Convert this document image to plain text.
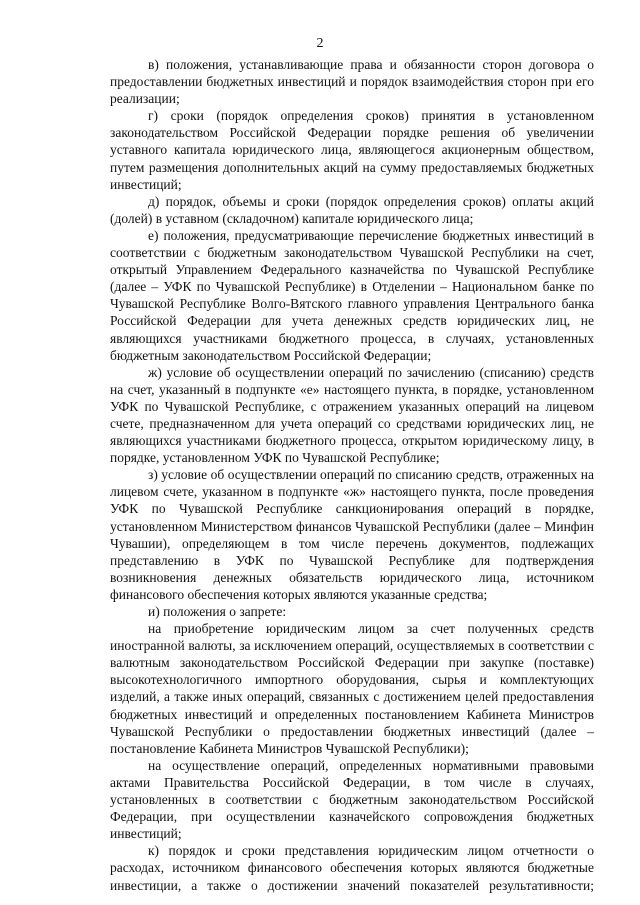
2

в) положения, устанавливающие права и обязанности сторон договора о предоставлении бюджетных инвестиций и порядок взаимодействия сторон при его реализации;

г) сроки (порядок определения сроков) принятия в установленном законодательством Российской Федерации порядке решения об увеличении уставного капитала юридического лица, являющегося акционерным обществом, путем размещения дополнительных акций на сумму предоставляемых бюджетных инвестиций;

д) порядок, объемы и сроки (порядок определения сроков) оплаты акций (долей) в уставном (складочном) капитале юридического лица;

е) положения, предусматривающие перечисление бюджетных инвестиций в соответствии с бюджетным законодательством Чувашской Республики на счет, открытый Управлением Федерального казначейства по Чувашской Республике (далее – УФК по Чувашской Республике) в Отделении – Национальном банке по Чувашской Республике Волго-Вятского главного управления Центрального банка Российской Федерации для учета денежных средств юридических лиц, не являющихся участниками бюджетного процесса, в случаях, установленных бюджетным законодательством Российской Федерации;

ж) условие об осуществлении операций по зачислению (списанию) средств на счет, указанный в подпункте «е» настоящего пункта, в порядке, установленном УФК по Чувашской Республике, с отражением указанных операций на лицевом счете, предназначенном для учета операций со средствами юридических лиц, не являющихся участниками бюджетного процесса, открытом юридическому лицу, в порядке, установленном УФК по Чувашской Республике;

з) условие об осуществлении операций по списанию средств, отраженных на лицевом счете, указанном в подпункте «ж» настоящего пункта, после проведения УФК по Чувашской Республике санкционирования операций в порядке, установленном Министерством финансов Чувашской Республики (далее – Минфин Чувашии), определяющем в том числе перечень документов, подлежащих представлению в УФК по Чувашской Республике для подтверждения возникновения денежных обязательств юридического лица, источником финансового обеспечения которых являются указанные средства;

и) положения о запрете:

на приобретение юридическим лицом за счет полученных средств иностранной валюты, за исключением операций, осуществляемых в соответствии с валютным законодательством Российской Федерации при закупке (поставке) высокотехнологичного импортного оборудования, сырья и комплектующих изделий, а также иных операций, связанных с достижением целей предоставления бюджетных инвестиций и определенных постановлением Кабинета Министров Чувашской Республики о предоставлении бюджетных инвестиций (далее – постановление Кабинета Министров Чувашской Республики);

на осуществление операций, определенных нормативными правовыми актами Правительства Российской Федерации, в том числе в случаях, установленных в соответствии с бюджетным законодательством Российской Федерации, при осуществлении казначейского сопровождения бюджетных инвестиций;

к) порядок и сроки представления юридическим лицом отчетности о расходах, источником финансового обеспечения которых являются бюджетные инвестиции, а также о достижении значений показателей результативности;
